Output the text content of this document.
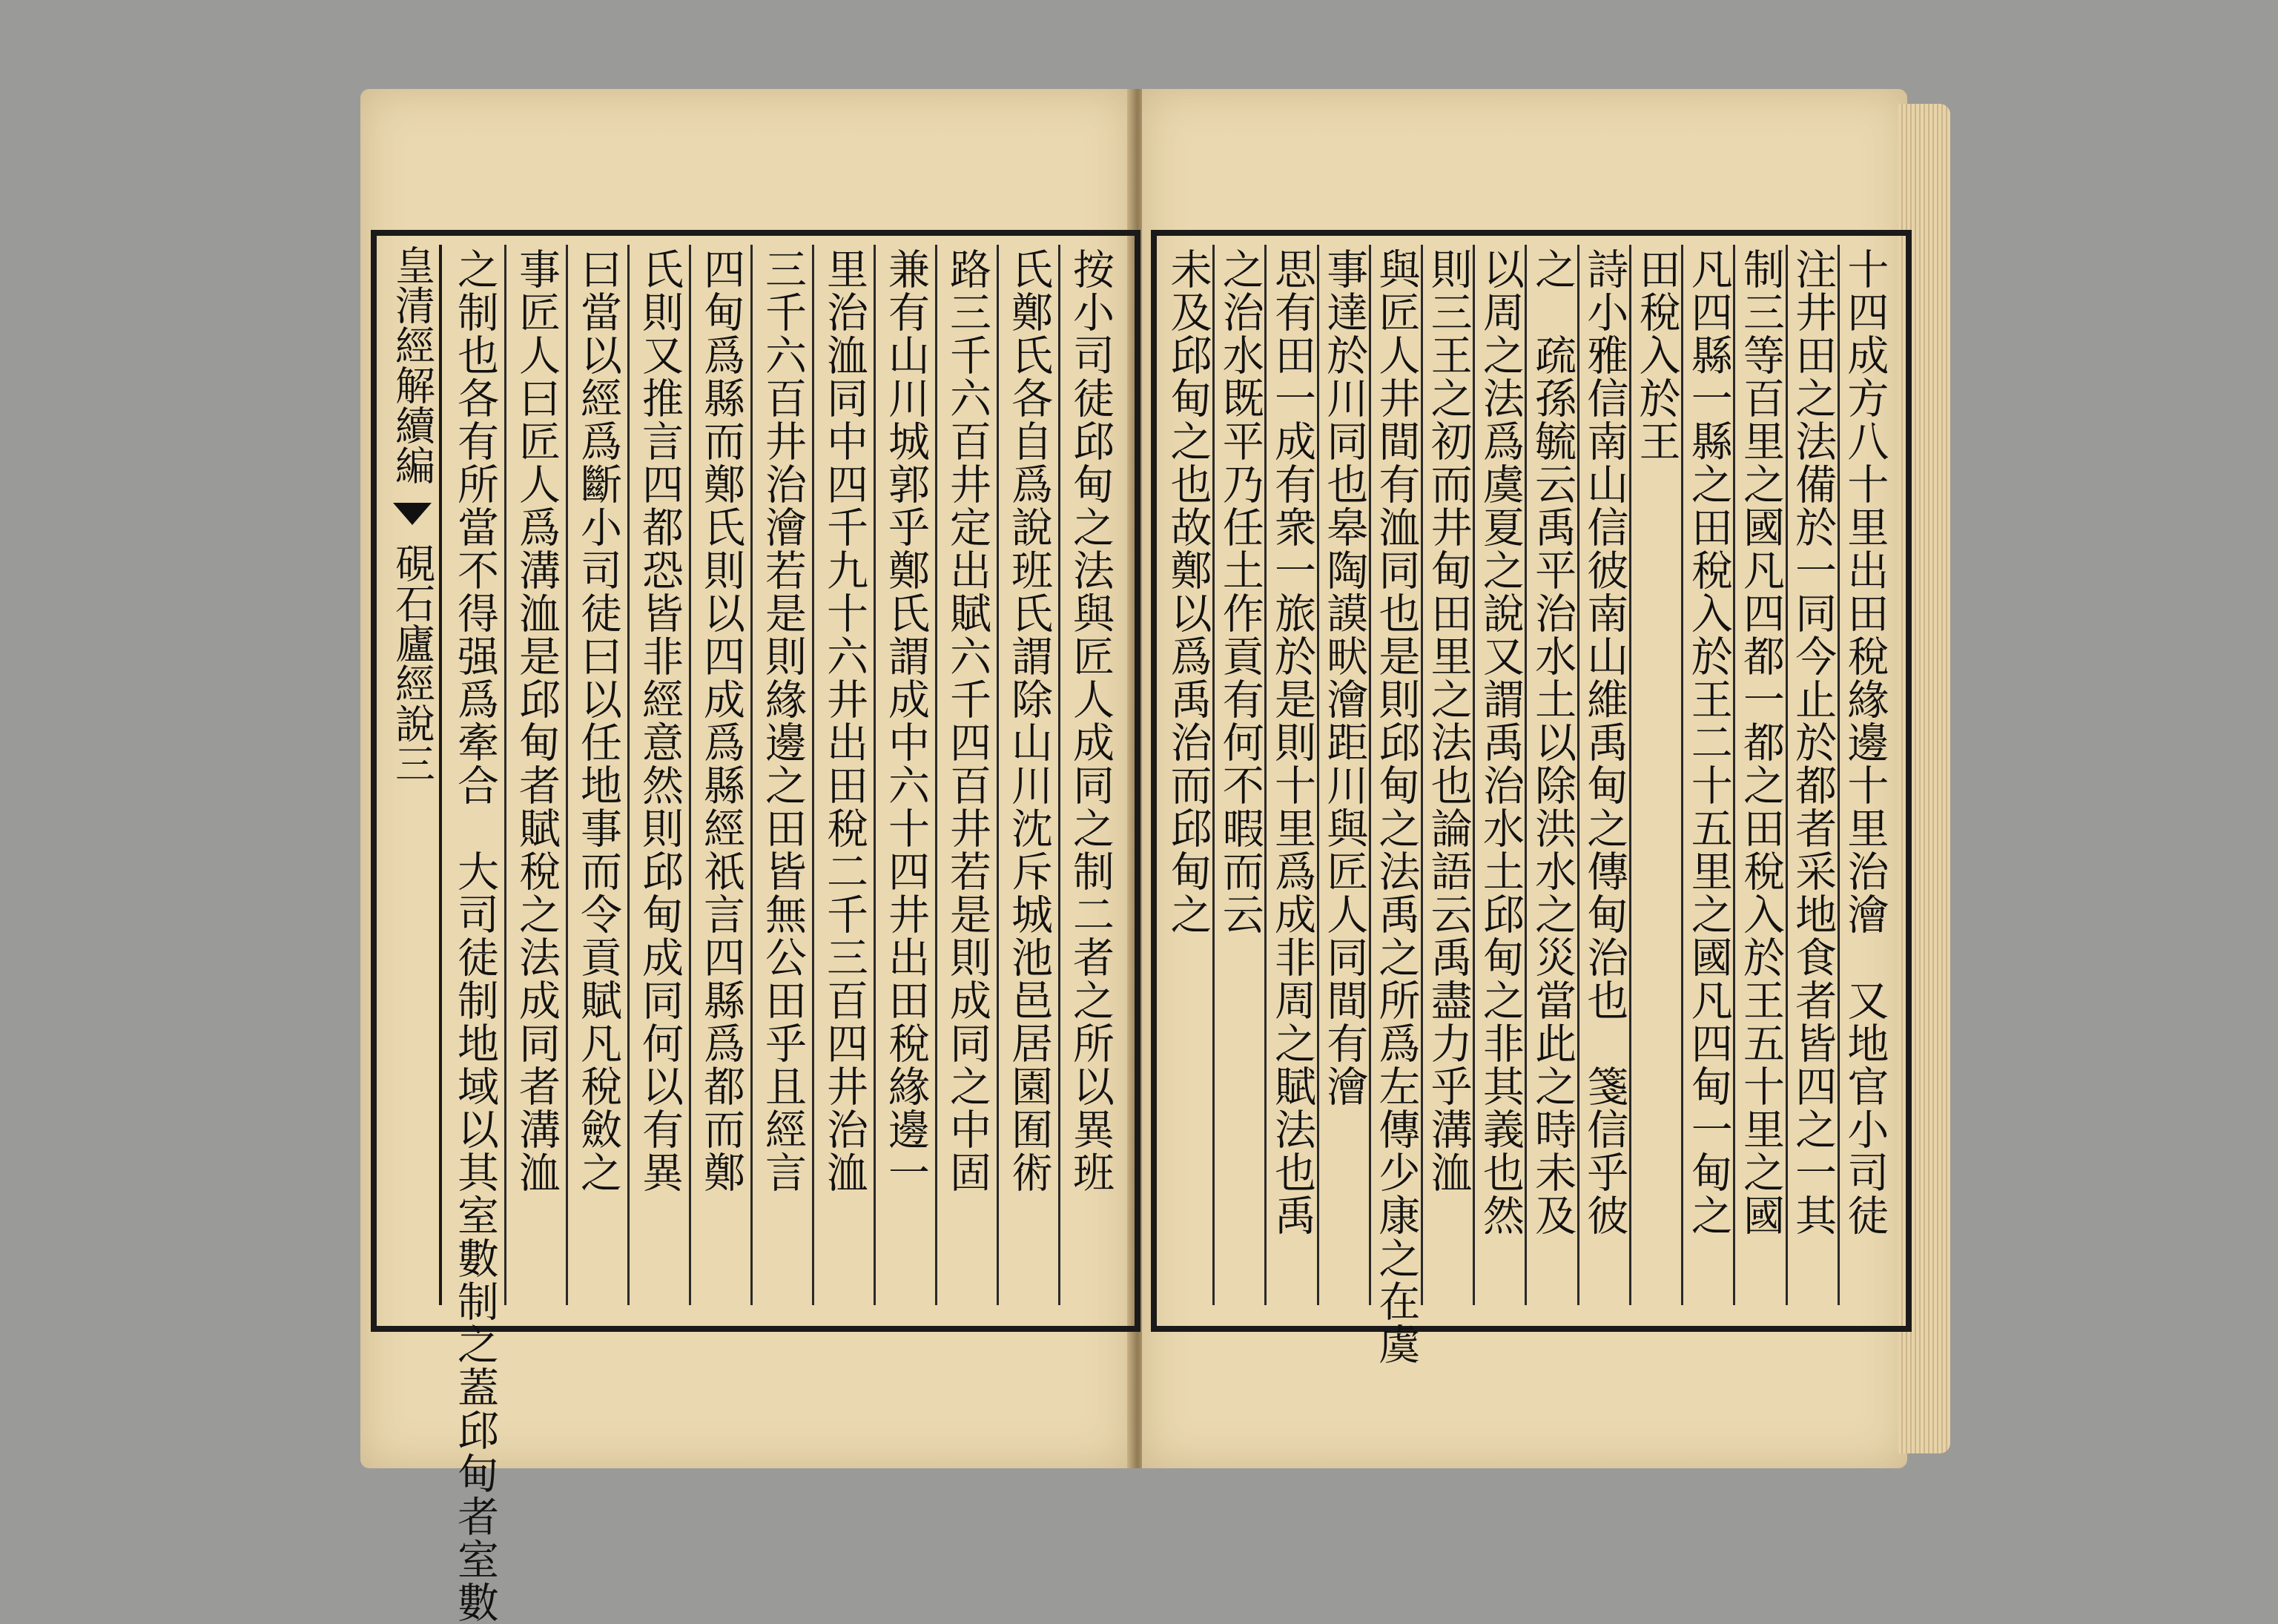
皇清經解續編
硯石廬經說三	按小司徒邱甸之法與匠人成同之制二者之所以異班
氏鄭氏各自爲說班氏謂除山川沈斥城池邑居園囿術
路三千六百井定出賦六千四百井若是則成同之中固
兼有山川城郭乎鄭氏謂成中六十四井出田稅緣邊一
里治洫同中四千九十六井出田稅二千三百四井治洫
三千六百井治澮若是則緣邊之田皆無公田乎且經言
四甸爲縣而鄭氏則以四成爲縣經祇言四縣爲都而鄭
氏則又推言四都恐皆非經意然則邱甸成同何以有異
曰當以經爲斷小司徒曰以任地事而令貢賦凡稅斂之
事匠人曰匠人爲溝洫是邱甸者賦稅之法成同者溝洫
之制也各有所當不得强爲牽合　大司徒制地域以其室數制之蓋邱甸者室數	十四成方八十里出田稅緣邊十里治澮　又地官小司徒
注井田之法備於一同今止於都者采地食者皆四之一其
制三等百里之國凡四都一都之田稅入於王五十里之國
凡四縣一縣之田稅入於王二十五里之國凡四甸一甸之
田稅入於王
詩小雅信南山信彼南山維禹甸之傳甸治也　箋信乎彼
之　疏孫毓云禹平治水土以除洪水之災當此之時未及
以周之法爲虞夏之說又謂禹治水土邱甸之非其義也然
則三王之初而井甸田里之法也論語云禹盡力乎溝洫
與匠人井間有洫同也是則邱甸之法禹之所爲左傳少康之在虞
事達於川同也皋陶謨畎澮距川與匠人同間有澮
思有田一成有衆一旅於是則十里爲成非周之賦法也禹
之治水既平乃任土作貢有何不暇而云
未及邱甸之也故鄭以爲禹治而邱甸之
